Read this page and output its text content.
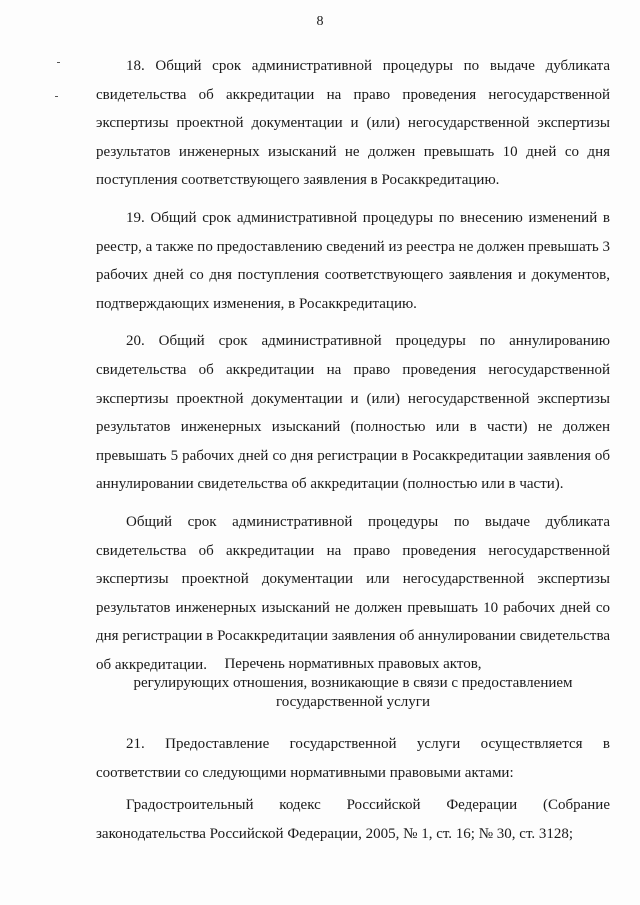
8

18. Общий срок административной процедуры по выдаче дубликата свидетельства об аккредитации на право проведения негосударственной экспертизы проектной документации и (или) негосударственной экспертизы результатов инженерных изысканий не должен превышать 10 дней со дня поступления соответствующего заявления в Росаккредитацию.

19. Общий срок административной процедуры по внесению изменений в реестр, а также по предоставлению сведений из реестра не должен превышать 3 рабочих дней со дня поступления соответствующего заявления и документов, подтверждающих изменения, в Росаккредитацию.

20. Общий срок административной процедуры по аннулированию свидетельства об аккредитации на право проведения негосударственной экспертизы проектной документации и (или) негосударственной экспертизы результатов инженерных изысканий (полностью или в части) не должен превышать 5 рабочих дней со дня регистрации в Росаккредитации заявления об аннулировании свидетельства об аккредитации (полностью или в части).

Общий срок административной процедуры по выдаче дубликата свидетельства об аккредитации на право проведения негосударственной экспертизы проектной документации или негосударственной экспертизы результатов инженерных изысканий не должен превышать 10 рабочих дней со дня регистрации в Росаккредитации заявления об аннулировании свидетельства об аккредитации.	Перечень нормативных правовых актов,
регулирующих отношения, возникающие в связи с предоставлением
государственной услуги

21. Предоставление государственной услуги осуществляется в соответствии со следующими нормативными правовыми актами:

Градостроительный кодекс Российской Федерации (Собрание законодательства Российской Федерации, 2005, № 1, ст. 16; № 30, ст. 3128;
